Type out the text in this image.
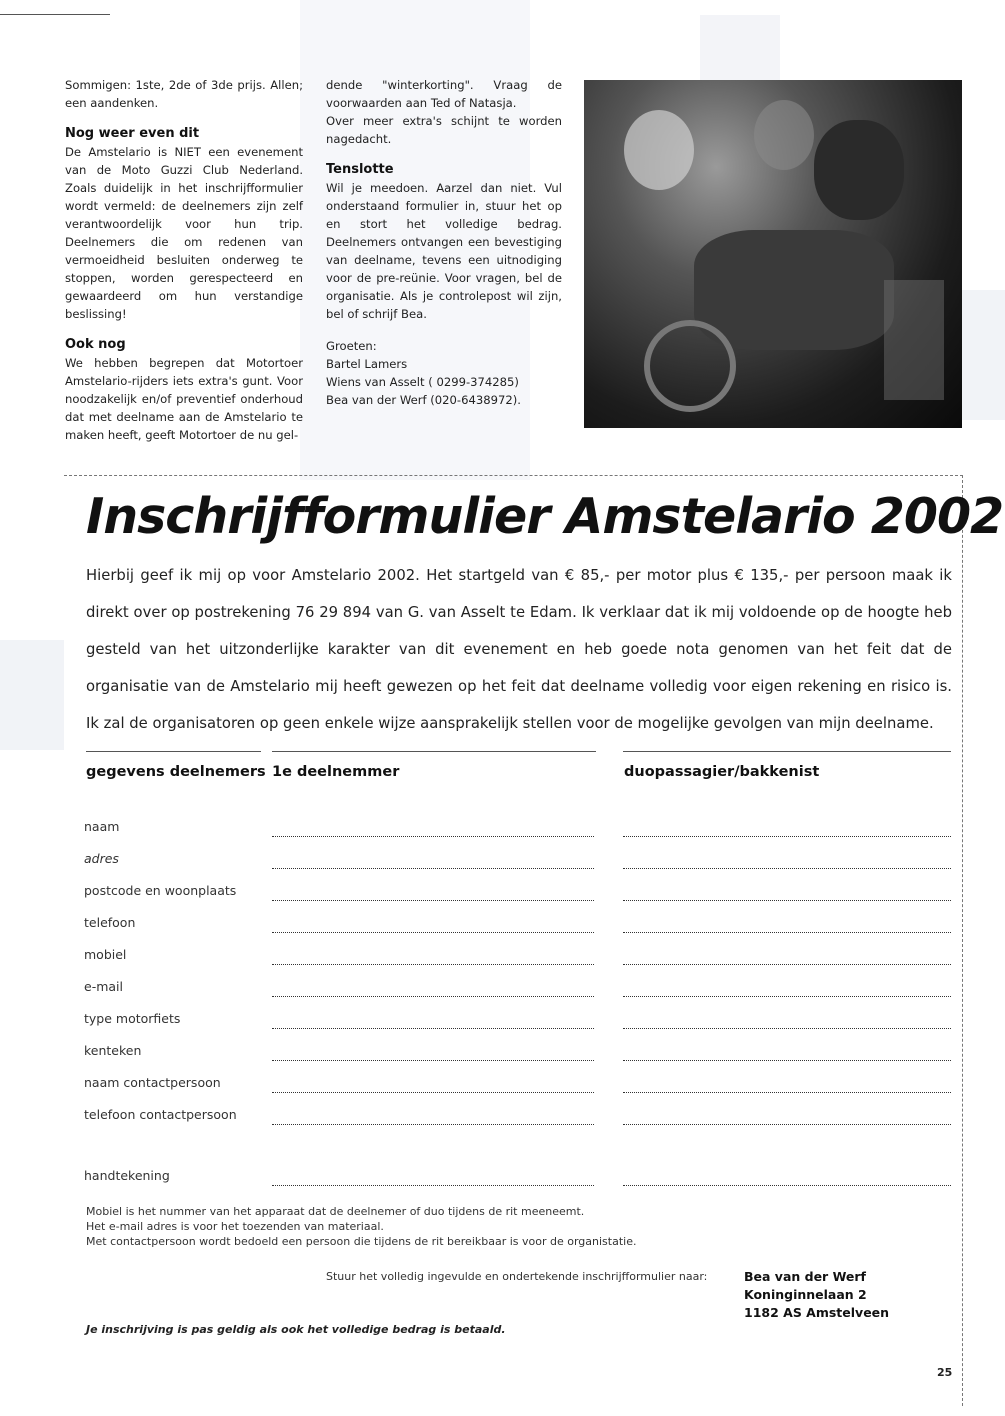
Sommigen: 1ste, 2de of 3de prijs. Allen; een aandenken.

Nog weer even dit

De Amstelario is NIET een evenement van de Moto Guzzi Club Nederland. Zoals duidelijk in het inschrijfformulier wordt vermeld: de deelnemers zijn zelf verantwoordelijk voor hun trip. Deelnemers die om redenen van vermoeidheid besluiten onderweg te stoppen, worden gerespecteerd en gewaardeerd om hun verstandige beslissing!

Ook nog

We hebben begrepen dat Motortoer Amstelario-rijders iets extra's gunt. Voor noodzakelijk en/of preventief onderhoud dat met deelname aan de Amstelario te maken heeft, geeft Motortoer de nu gel-

dende "winterkorting". Vraag de voorwaarden aan Ted of Natasja.

Over meer extra's schijnt te worden nagedacht.

Tenslotte

Wil je meedoen. Aarzel dan niet. Vul onderstaand formulier in, stuur het op en stort het volledige bedrag. Deelnemers ontvangen een bevestiging van deelname, tevens een uitnodiging voor de pre-reünie. Voor vragen, bel de organisatie. Als je controlepost wil zijn, bel of schrijf Bea.

Groeten:

Bartel Lamers

Wiens van Asselt ( 0299-374285)

Bea van der Werf (020-6438972).

Inschrijfformulier Amstelario 2002

Hierbij geef ik mij op voor Amstelario 2002. Het startgeld van € 85,- per motor plus € 135,- per persoon maak ik direkt over op postrekening 76 29 894 van G. van Asselt te Edam. Ik verklaar dat ik mij voldoende op de hoogte heb gesteld van het uitzonderlijke karakter van dit evenement en heb goede nota genomen van het feit dat de organisatie van de Amstelario mij heeft gewezen op het feit dat deelname volledig voor eigen rekening en risico is. Ik zal de organisatoren op geen enkele wijze aansprakelijk stellen voor de mogelijke gevolgen van mijn deelname.

gegevens deelnemers 1e deelnemmer	duopassagier/bakkenist
naam
adres
postcode en woonplaats
telefoon
mobiel
e-mail
type motorfiets
kenteken
naam contactpersoon
telefoon contactpersoon
handtekening
Mobiel is het nummer van het apparaat dat de deelnemer of duo tijdens de rit meeneemt.
Het e-mail adres is voor het toezenden van materiaal.
Met contactpersoon wordt bedoeld een persoon die tijdens de rit bereikbaar is voor de organistatie.
Stuur het volledig ingevulde en ondertekende inschrijfformulier naar:	Bea van der Werf
Koninginnelaan 2
1182 AS Amstelveen
Je inschrijving is pas geldig als ook het volledige bedrag is betaald.
25
